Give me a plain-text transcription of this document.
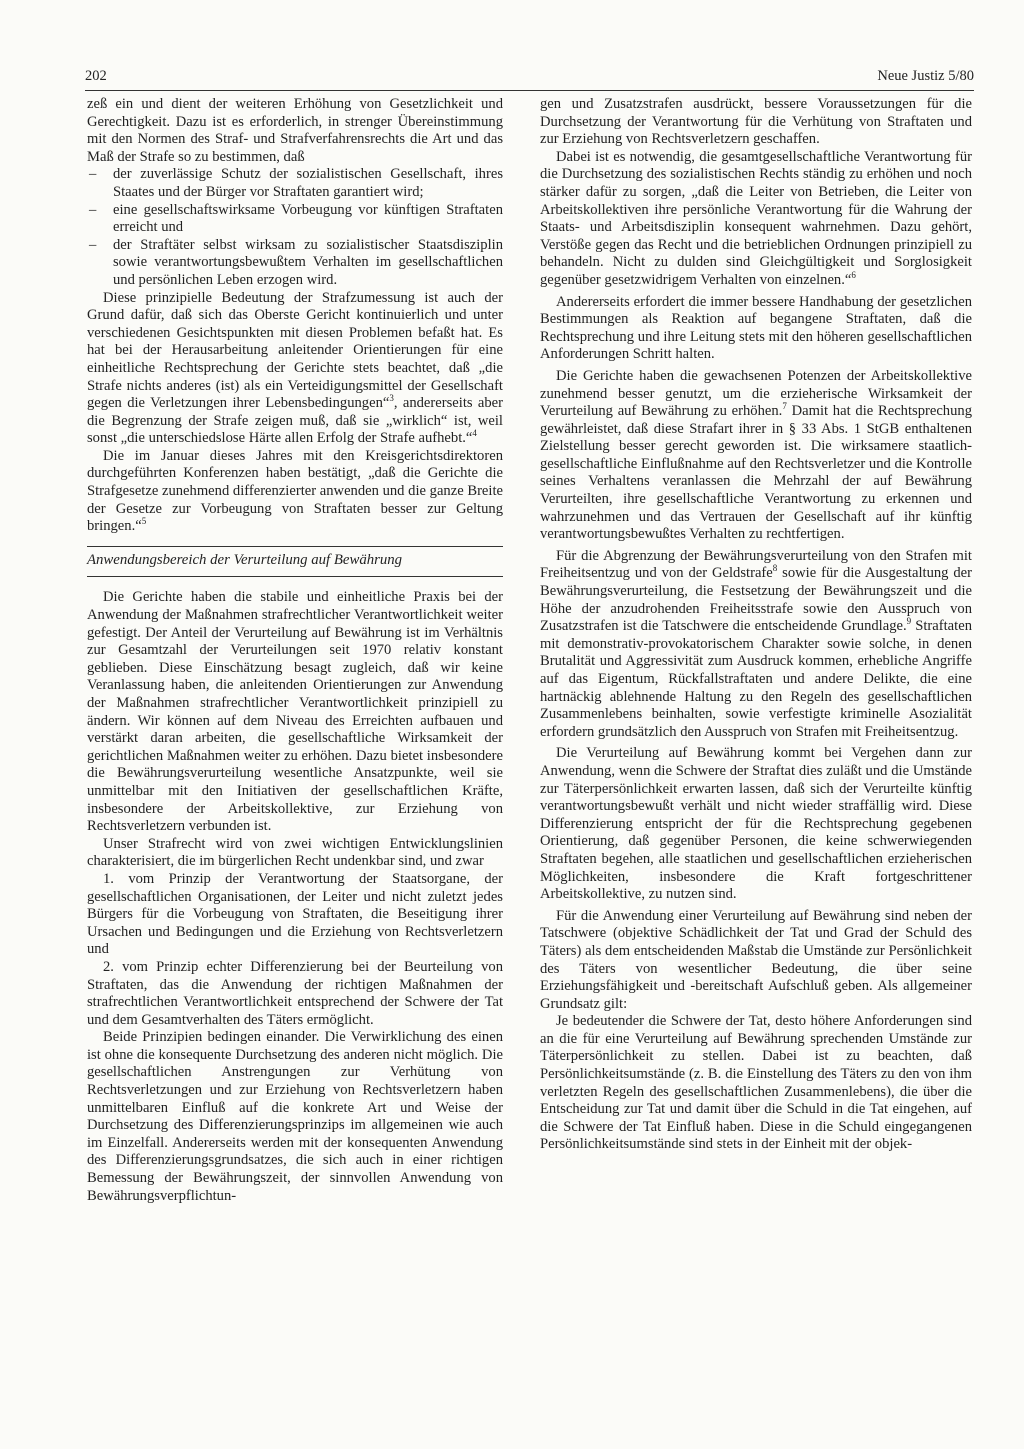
202	Neue Justiz 5/80

zeß ein und dient der weiteren Erhöhung von Gesetzlichkeit und Gerechtigkeit. Dazu ist es erforderlich, in strenger Übereinstimmung mit den Normen des Straf- und Strafverfahrensrechts die Art und das Maß der Strafe so zu bestimmen, daß

– der zuverlässige Schutz der sozialistischen Gesellschaft, ihres Staates und der Bürger vor Straftaten garantiert wird;
– eine gesellschaftswirksame Vorbeugung vor künftigen Straftaten erreicht und
– der Straftäter selbst wirksam zu sozialistischer Staatsdisziplin sowie verantwortungsbewußtem Verhalten im gesellschaftlichen und persönlichen Leben erzogen wird.

Diese prinzipielle Bedeutung der Strafzumessung ist auch der Grund dafür, daß sich das Oberste Gericht kontinuierlich und unter verschiedenen Gesichtspunkten mit diesen Problemen befaßt hat. Es hat bei der Herausarbeitung anleitender Orientierungen für eine einheitliche Rechtsprechung der Gerichte stets beachtet, daß „die Strafe nichts anderes (ist) als ein Verteidigungsmittel der Gesellschaft gegen die Verletzungen ihrer Lebensbedingungen“$^3$, andererseits aber die Begrenzung der Strafe zeigen muß, daß sie „wirklich“ ist, weil sonst „die unterschiedslose Härte allen Erfolg der Strafe aufhebt.“$^4$

Die im Januar dieses Jahres mit den Kreisgerichtsdirektoren durchgeführten Konferenzen haben bestätigt, „daß die Gerichte die Strafgesetze zunehmend differenzierter anwenden und die ganze Breite der Gesetze zur Vorbeugung von Straftaten besser zur Geltung bringen.“$^5$

Anwendungsbereich der Verurteilung auf Bewährung

Die Gerichte haben die stabile und einheitliche Praxis bei der Anwendung der Maßnahmen strafrechtlicher Verantwortlichkeit weiter gefestigt. Der Anteil der Verurteilung auf Bewährung ist im Verhältnis zur Gesamtzahl der Verurteilungen seit 1970 relativ konstant geblieben. Diese Einschätzung besagt zugleich, daß wir keine Veranlassung haben, die anleitenden Orientierungen zur Anwendung der Maßnahmen strafrechtlicher Verantwortlichkeit prinzipiell zu ändern. Wir können auf dem Niveau des Erreichten aufbauen und verstärkt daran arbeiten, die gesellschaftliche Wirksamkeit der gerichtlichen Maßnahmen weiter zu erhöhen. Dazu bietet insbesondere die Bewährungsverurteilung wesentliche Ansatzpunkte, weil sie unmittelbar mit den Initiativen der gesellschaftlichen Kräfte, insbesondere der Arbeitskollektive, zur Erziehung von Rechtsverletzern verbunden ist.

Unser Strafrecht wird von zwei wichtigen Entwicklungslinien charakterisiert, die im bürgerlichen Recht undenkbar sind, und zwar

1. vom Prinzip der Verantwortung der Staatsorgane, der gesellschaftlichen Organisationen, der Leiter und nicht zuletzt jedes Bürgers für die Vorbeugung von Straftaten, die Beseitigung ihrer Ursachen und Bedingungen und die Erziehung von Rechtsverletzern und

2. vom Prinzip echter Differenzierung bei der Beurteilung von Straftaten, das die Anwendung der richtigen Maßnahmen der strafrechtlichen Verantwortlichkeit entsprechend der Schwere der Tat und dem Gesamtverhalten des Täters ermöglicht.

Beide Prinzipien bedingen einander. Die Verwirklichung des einen ist ohne die konsequente Durchsetzung des anderen nicht möglich. Die gesellschaftlichen Anstrengungen zur Verhütung von Rechtsverletzungen und zur Erziehung von Rechtsverletzern haben unmittelbaren Einfluß auf die konkrete Art und Weise der Durchsetzung des Differenzierungsprinzips im allgemeinen wie auch im Einzelfall. Andererseits werden mit der konsequenten Anwendung des Differenzierungsgrundsatzes, die sich auch in einer richtigen Bemessung der Bewährungszeit, der sinnvollen Anwendung von Bewährungsverpflichtun-

gen und Zusatzstrafen ausdrückt, bessere Voraussetzungen für die Durchsetzung der Verantwortung für die Verhütung von Straftaten und zur Erziehung von Rechtsverletzern geschaffen.

Dabei ist es notwendig, die gesamtgesellschaftliche Verantwortung für die Durchsetzung des sozialistischen Rechts ständig zu erhöhen und noch stärker dafür zu sorgen, „daß die Leiter von Betrieben, die Leiter von Arbeitskollektiven ihre persönliche Verantwortung für die Wahrung der Staats- und Arbeitsdisziplin konsequent wahrnehmen. Dazu gehört, Verstöße gegen das Recht und die betrieblichen Ordnungen prinzipiell zu behandeln. Nicht zu dulden sind Gleichgültigkeit und Sorglosigkeit gegenüber gesetzwidrigem Verhalten von einzelnen.“$^6$

Andererseits erfordert die immer bessere Handhabung der gesetzlichen Bestimmungen als Reaktion auf begangene Straftaten, daß die Rechtsprechung und ihre Leitung stets mit den höheren gesellschaftlichen Anforderungen Schritt halten.

Die Gerichte haben die gewachsenen Potenzen der Arbeitskollektive zunehmend besser genutzt, um die erzieherische Wirksamkeit der Verurteilung auf Bewährung zu erhöhen.$^7$ Damit hat die Rechtsprechung gewährleistet, daß diese Strafart ihrer in § 33 Abs. 1 StGB enthaltenen Zielstellung besser gerecht geworden ist. Die wirksamere staatlich-gesellschaftliche Einflußnahme auf den Rechtsverletzer und die Kontrolle seines Verhaltens veranlassen die Mehrzahl der auf Bewährung Verurteilten, ihre gesellschaftliche Verantwortung zu erkennen und wahrzunehmen und das Vertrauen der Gesellschaft auf ihr künftig verantwortungsbewußtes Verhalten zu rechtfertigen.

Für die Abgrenzung der Bewährungsverurteilung von den Strafen mit Freiheitsentzug und von der Geldstrafe$^8$ sowie für die Ausgestaltung der Bewährungsverurteilung, die Festsetzung der Bewährungszeit und die Höhe der anzudrohenden Freiheitsstrafe sowie den Ausspruch von Zusatzstrafen ist die Tatschwere die entscheidende Grundlage.$^9$ Straftaten mit demonstrativ-provokatorischem Charakter sowie solche, in denen Brutalität und Aggressivität zum Ausdruck kommen, erhebliche Angriffe auf das Eigentum, Rückfallstraftaten und andere Delikte, die eine hartnäckig ablehnende Haltung zu den Regeln des gesellschaftlichen Zusammenlebens beinhalten, sowie verfestigte kriminelle Asozialität erfordern grundsätzlich den Ausspruch von Strafen mit Freiheitsentzug.

Die Verurteilung auf Bewährung kommt bei Vergehen dann zur Anwendung, wenn die Schwere der Straftat dies zuläßt und die Umstände zur Täterpersönlichkeit erwarten lassen, daß sich der Verurteilte künftig verantwortungsbewußt verhält und nicht wieder straffällig wird. Diese Differenzierung entspricht der für die Rechtsprechung gegebenen Orientierung, daß gegenüber Personen, die keine schwerwiegenden Straftaten begehen, alle staatlichen und gesellschaftlichen erzieherischen Möglichkeiten, insbesondere die Kraft fortgeschrittener Arbeitskollektive, zu nutzen sind.

Für die Anwendung einer Verurteilung auf Bewährung sind neben der Tatschwere (objektive Schädlichkeit der Tat und Grad der Schuld des Täters) als dem entscheidenden Maßstab die Umstände zur Persönlichkeit des Täters von wesentlicher Bedeutung, die über seine Erziehungsfähigkeit und -bereitschaft Aufschluß geben. Als allgemeiner Grundsatz gilt:

Je bedeutender die Schwere der Tat, desto höhere Anforderungen sind an die für eine Verurteilung auf Bewährung sprechenden Umstände zur Täterpersönlichkeit zu stellen. Dabei ist zu beachten, daß Persönlichkeitsumstände (z. B. die Einstellung des Täters zu den von ihm verletzten Regeln des gesellschaftlichen Zusammenlebens), die über die Entscheidung zur Tat und damit über die Schuld in die Tat eingehen, auf die Schwere der Tat Einfluß haben. Diese in die Schuld eingegangenen Persönlichkeitsumstände sind stets in der Einheit mit der objek-
